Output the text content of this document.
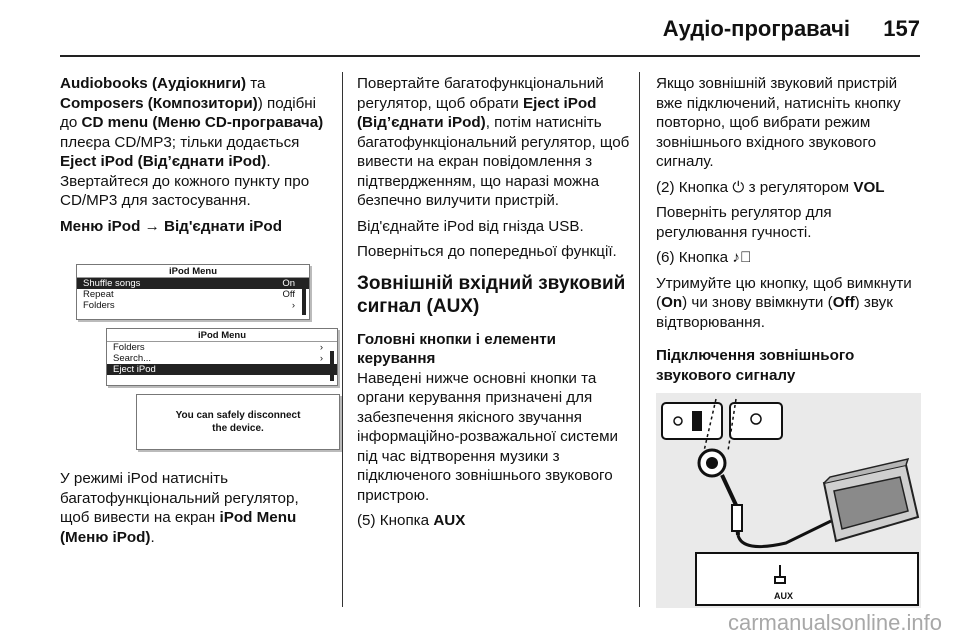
Аудіо-програвачі 157

Audiobooks (Аудіокниги) та Composers (Композитори)) подібні до CD menu (Меню CD-програвача) плеєра CD/MP3; тільки додається Eject iPod (Від’єднати iPod). Звертайтеся до кожного пункту про CD/MP3 для застосування.

Меню iPod → Від'єднати iPod

iPod Menu
Shuffle songs	On
Repeat	Off
Folders	›
iPod Menu
Folders	›
Search...	›
Eject iPod
You can safely disconnect
the device.

У режимі iPod натисніть багатофункціональний регулятор, щоб вивести на екран iPod Menu (Меню iPod).

Повертайте багатофункціональний регулятор, щоб обрати Eject iPod (Від’єднати iPod), потім натисніть багатофункціональний регулятор, щоб вивести на екран повідомлення з підтвердженням, що наразі можна безпечно вилучити пристрій.

Від'єднайте iPod від гнізда USB.

Поверніться до попередньої функції.

Зовнішній вхідний звуковий сигнал (AUX)
Головні кнопки і елементи керування

Наведені нижче основні кнопки та органи керування призначені для забезпечення якісного звучання інформаційно-розважальної системи під час відтворення музики з підключеного зовнішнього звукового пристрою.

(5) Кнопка AUX

Якщо зовнішній звуковий пристрій вже підключений, натисніть кнопку повторно, щоб вибрати режим зовнішнього вхідного звукового сигналу.

(2) Кнопка ⏻ з регулятором VOL

Поверніть регулятор для регулювання гучності.

(6) Кнопка ♪⃠

Утримуйте цю кнопку, щоб вимкнути (On) чи знову ввімкнути (Off) звук відтворювання.

Підключення зовнішнього звукового сигналу
AUX
carmanualsonline.info
